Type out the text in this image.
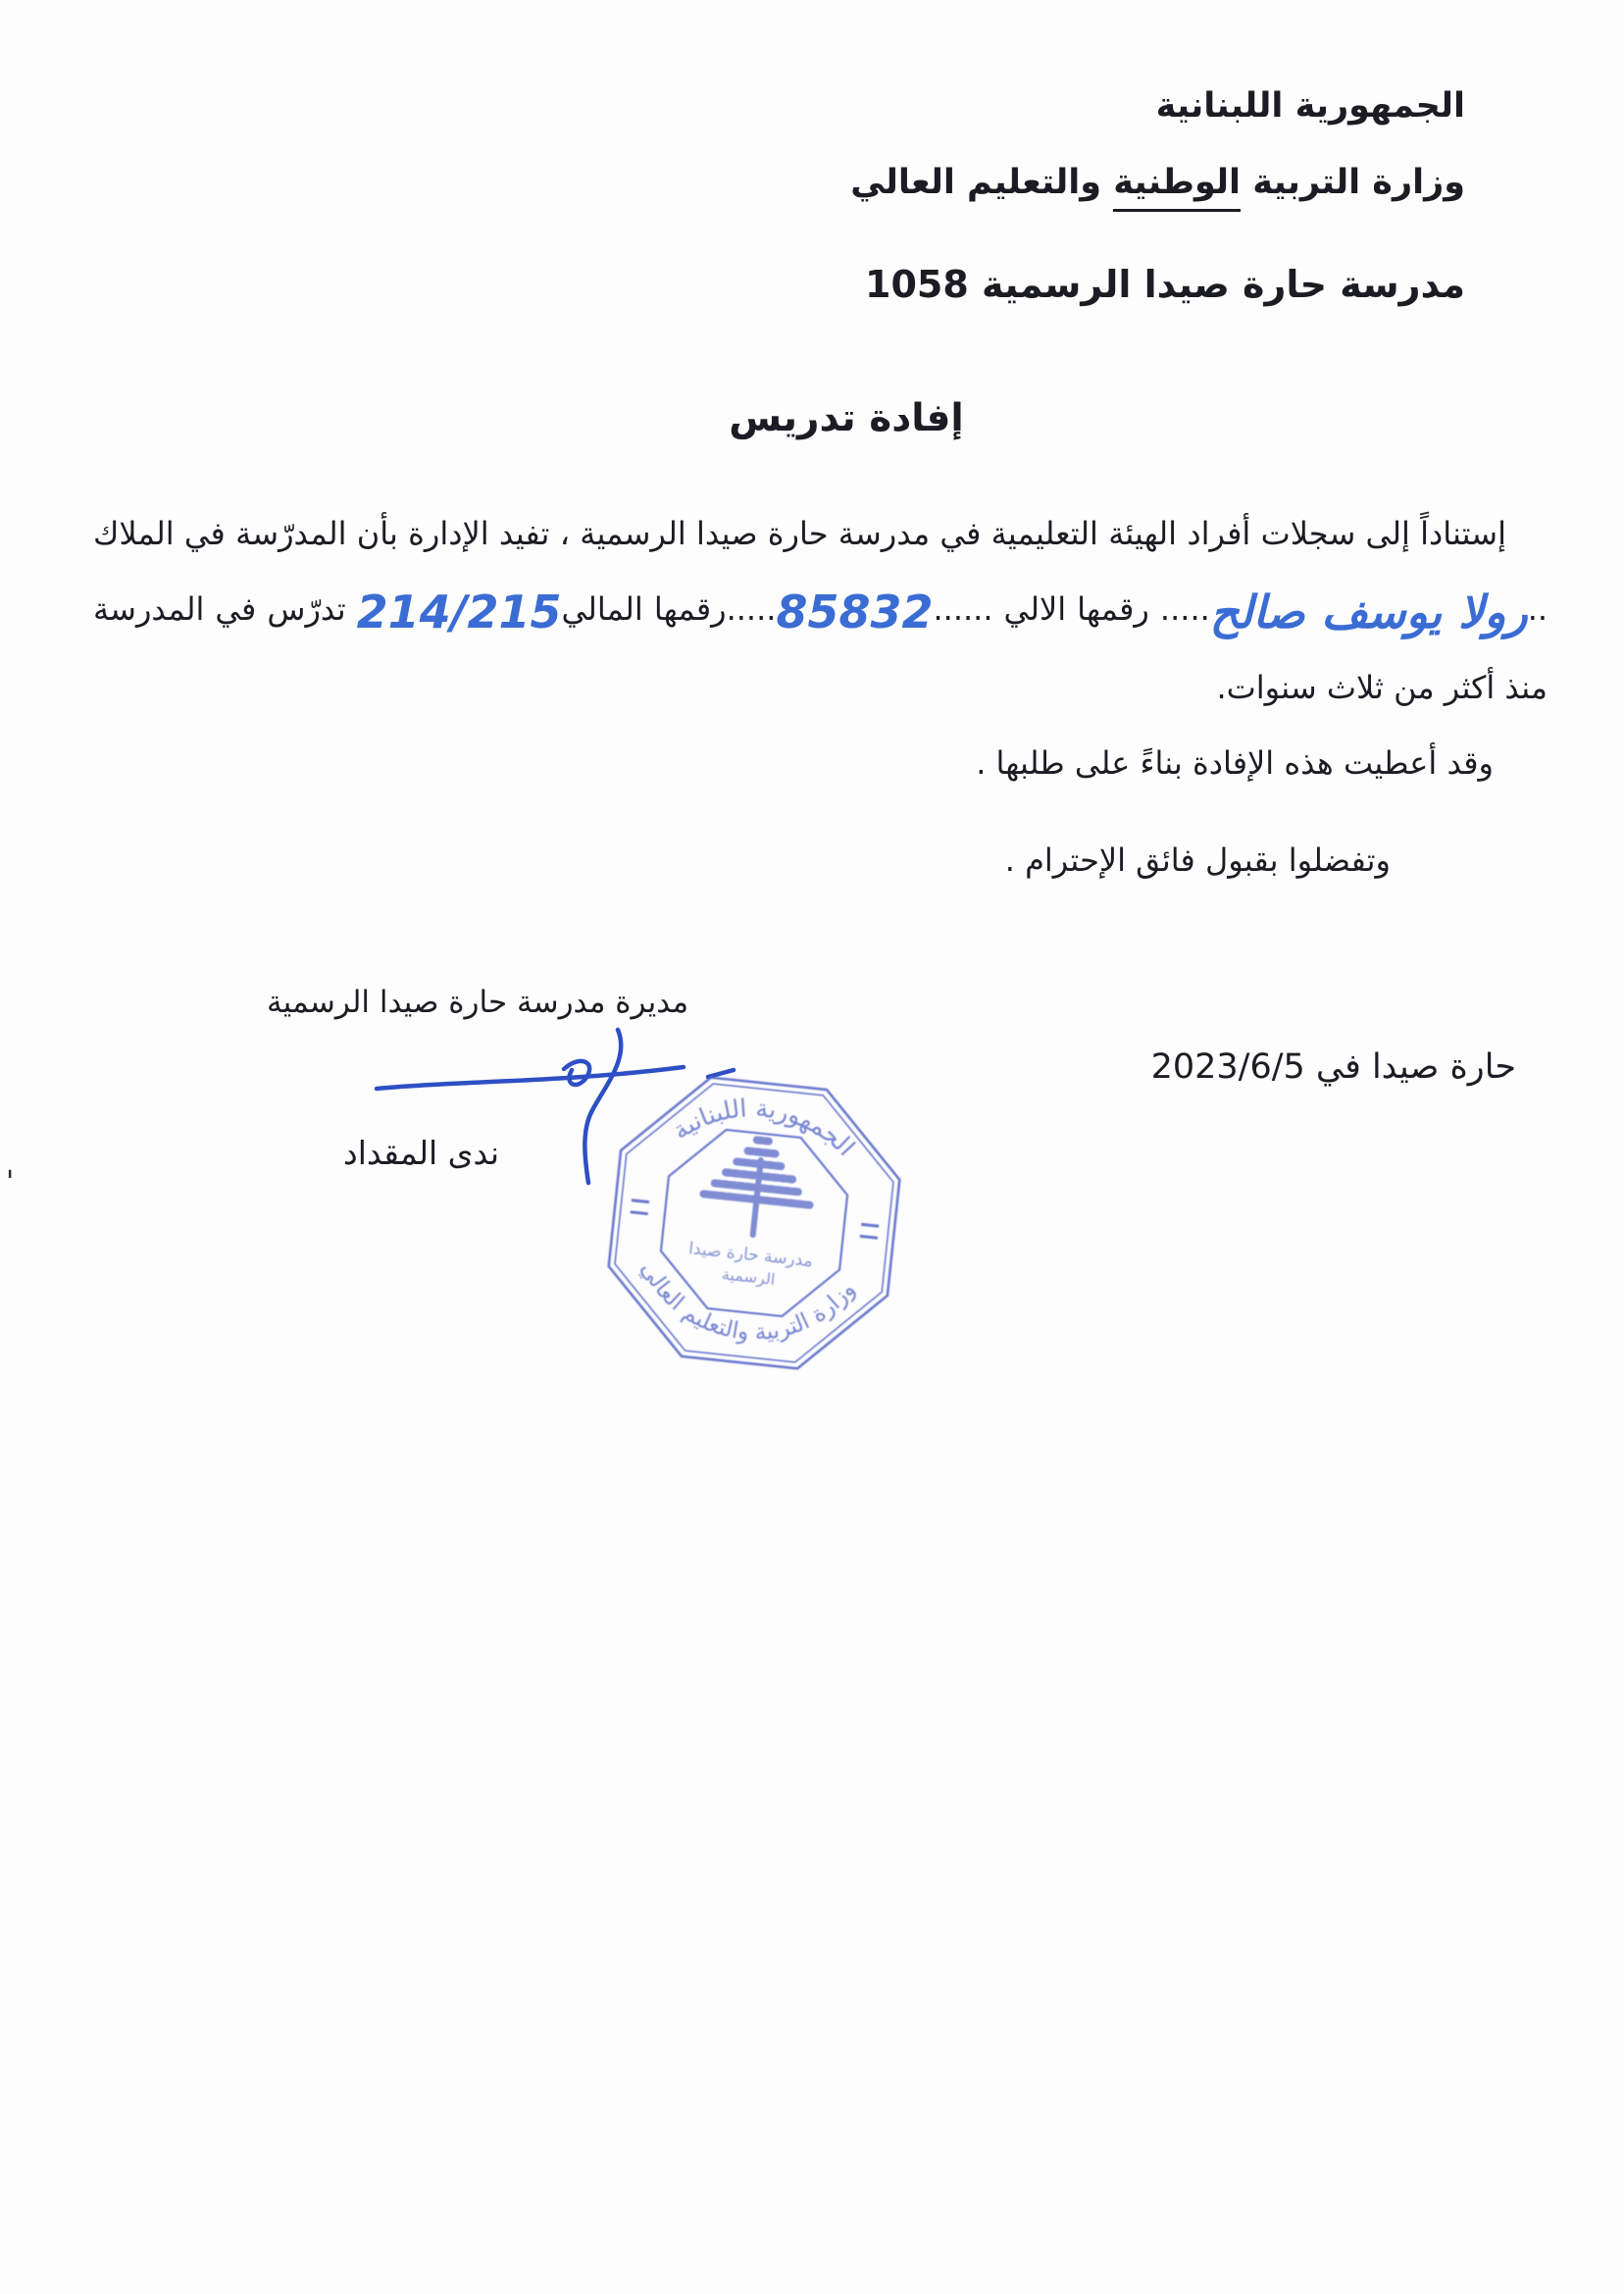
الجمهورية اللبنانية
وزارة التربية الوطنية والتعليم العالي
مدرسة حارة صيدا الرسمية 1058
إفادة تدريس

إستناداً إلى سجلات أفراد الهيئة التعليمية في مدرسة حارة صيدا الرسمية ، تفيد الإدارة بأن المدرّسة في الملاك ..رولا يوسف صالح..... رقمها الالي ......85832.....رقمها المالي214/215 تدرّس في المدرسة منذ أكثر من ثلاث سنوات.

وقد أعطيت هذه الإفادة بناءً على طلبها .

وتفضلوا بقبول فائق الإحترام .

حارة صيدا في 2023/6/5
مديرة مدرسة حارة صيدا الرسمية
ندى المقداد
الجمهورية اللبنانية
وزارة التربية والتعليم العالي
مدرسة حارة صيدا
الرسمية
'
